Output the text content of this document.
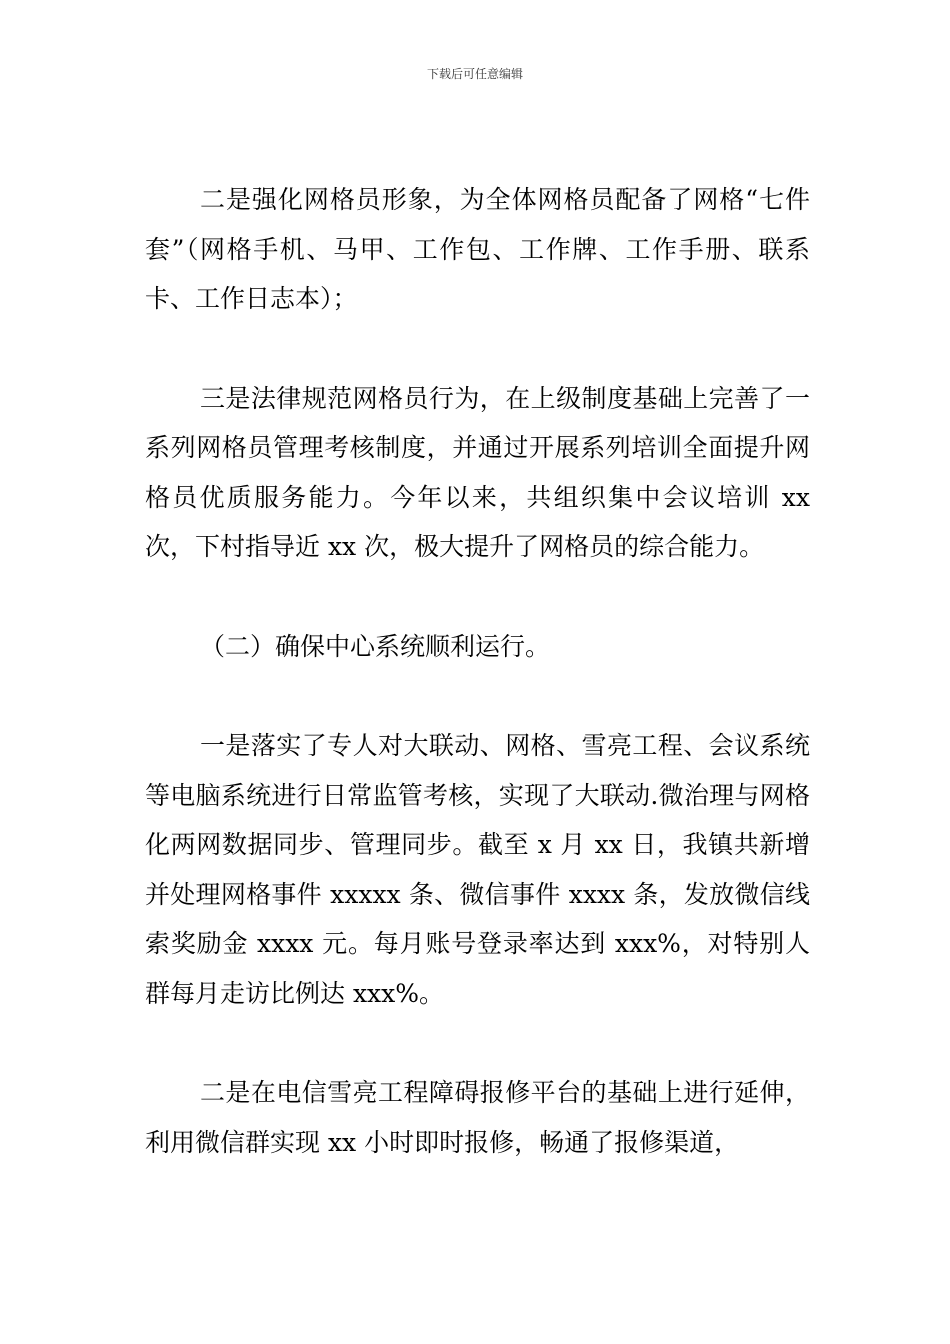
下载后可任意编辑

二是强化网格员形象，为全体网格员配备了网格“七件套”（网格手机、马甲、工作包、工作牌、工作手册、联系卡、工作日志本）；

三是法律规范网格员行为，在上级制度基础上完善了一系列网格员管理考核制度，并通过开展系列培训全面提升网格员优质服务能力。今年以来，共组织集中会议培训 xx 次，下村指导近 xx 次，极大提升了网格员的综合能力。

（二）确保中心系统顺利运行。

一是落实了专人对大联动、网格、雪亮工程、会议系统等电脑系统进行日常监管考核，实现了大联动.微治理与网格化两网数据同步、管理同步。截至 x 月 xx 日，我镇共新增并处理网格事件 xxxxx 条、微信事件 xxxx 条，发放微信线索奖励金 xxxx 元。每月账号登录率达到 xxx%，对特别人群每月走访比例达 xxx%。

二是在电信雪亮工程障碍报修平台的基础上进行延伸，利用微信群实现 xx 小时即时报修，畅通了报修渠道，
